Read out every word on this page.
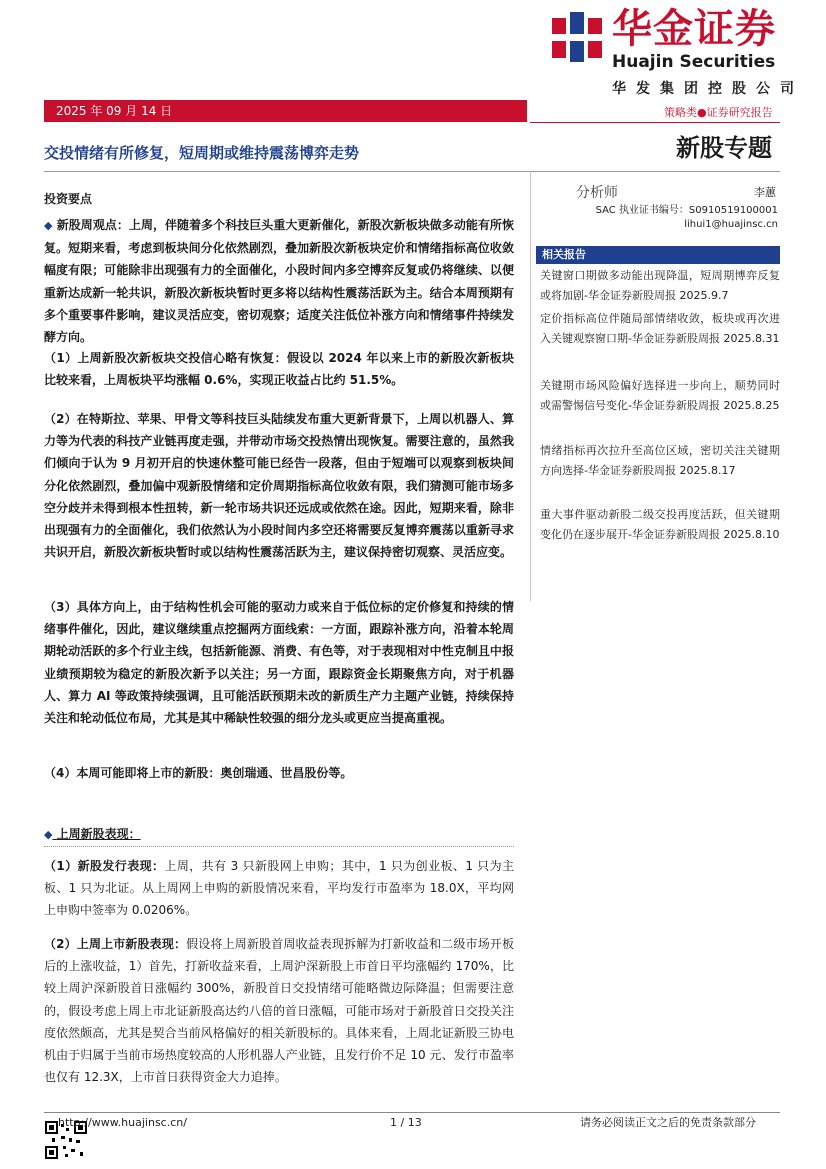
华金证券
Huajin Securities
华发集团控股公司
2025 年 09 月 14 日	策略类●证券研究报告
交投情绪有所修复，短周期或维持震荡博弈走势	新股专题
投资要点
◆ 新股周观点：上周，伴随着多个科技巨头重大更新催化，新股次新板块做多动能有所恢复。短期来看，考虑到板块间分化依然剧烈，叠加新股次新板块定价和情绪指标高位收敛幅度有限；可能除非出现强有力的全面催化，小段时间内多空博弈反复或仍将继续、以便重新达成新一轮共识，新股次新板块暂时更多将以结构性震荡活跃为主。结合本周预期有多个重要事件影响，建议灵活应变，密切观察；适度关注低位补涨方向和情绪事件持续发酵方向。
（1）上周新股次新板块交投信心略有恢复：假设以 2024 年以来上市的新股次新板块比较来看，上周板块平均涨幅 0.6%，实现正收益占比约 51.5%。
（2）在特斯拉、苹果、甲骨文等科技巨头陆续发布重大更新背景下，上周以机器人、算力等为代表的科技产业链再度走强，并带动市场交投热情出现恢复。需要注意的，虽然我们倾向于认为 9 月初开启的快速休整可能已经告一段落，但由于短端可以观察到板块间分化依然剧烈，叠加偏中观新股情绪和定价周期指标高位收敛有限，我们猜测可能市场多空分歧并未得到根本性扭转，新一轮市场共识还远成或依然在途。因此，短期来看，除非出现强有力的全面催化，我们依然认为小段时间内多空还将需要反复博弈震荡以重新寻求共识开启，新股次新板块暂时或以结构性震荡活跃为主，建议保持密切观察、灵活应变。
（3）具体方向上，由于结构性机会可能的驱动力或来自于低位标的定价修复和持续的情绪事件催化，因此，建议继续重点挖掘两方面线索：一方面，跟踪补涨方向，沿着本轮周期轮动活跃的多个行业主线，包括新能源、消费、有色等，对于表现相对中性克制且中报业绩预期较为稳定的新股次新予以关注；另一方面，跟踪资金长期聚焦方向，对于机器人、算力 AI 等政策持续强调，且可能活跃预期未改的新质生产力主题产业链，持续保持关注和轮动低位布局，尤其是其中稀缺性较强的细分龙头或更应当提高重视。
（4）本周可能即将上市的新股：奥创瑞通、世昌股份等。
◆ 上周新股表现：
（1）新股发行表现：上周，共有 3 只新股网上申购；其中，1 只为创业板、1 只为主板、1 只为北证。从上周网上申购的新股情况来看，平均发行市盈率为 18.0X，平均网上申购中签率为 0.0206%。
（2）上周上市新股表现：假设将上周新股首周收益表现拆解为打新收益和二级市场开板后的上涨收益，1）首先，打新收益来看，上周沪深新股上市首日平均涨幅约 170%，比较上周沪深新股首日涨幅约 300%，新股首日交投情绪可能略微边际降温；但需要注意的，假设考虑上周上市北证新股高达约八倍的首日涨幅，可能市场对于新股首日交投关注度依然颇高，尤其是契合当前风格偏好的相关新股标的。具体来看，上周北证新股三协电机由于归属于当前市场热度较高的人形机器人产业链，且发行价不足 10 元、发行市盈率也仅有 12.3X，上市首日获得资金大力追捧。
分析师	李蕙
SAC 执业证书编号：S0910519100001
lihui1@huajinsc.cn
相关报告
关键窗口期做多动能出现降温，短周期博弈反复或将加剧-华金证券新股周报 2025.9.7
定价指标高位伴随局部情绪收敛，板块或再次进入关键观察窗口期-华金证券新股周报 2025.8.31
关键期市场风险偏好选择进一步向上，顺势同时或需警惕信号变化-华金证券新股周报 2025.8.25
情绪指标再次拉升至高位区域，密切关注关键期方向选择-华金证券新股周报 2025.8.17
重大事件驱动新股二级交投再度活跃，但关键期变化仍在逐步展开-华金证券新股周报 2025.8.10
http://www.huajinsc.cn/	1 / 13	请务必阅读正文之后的免责条款部分
